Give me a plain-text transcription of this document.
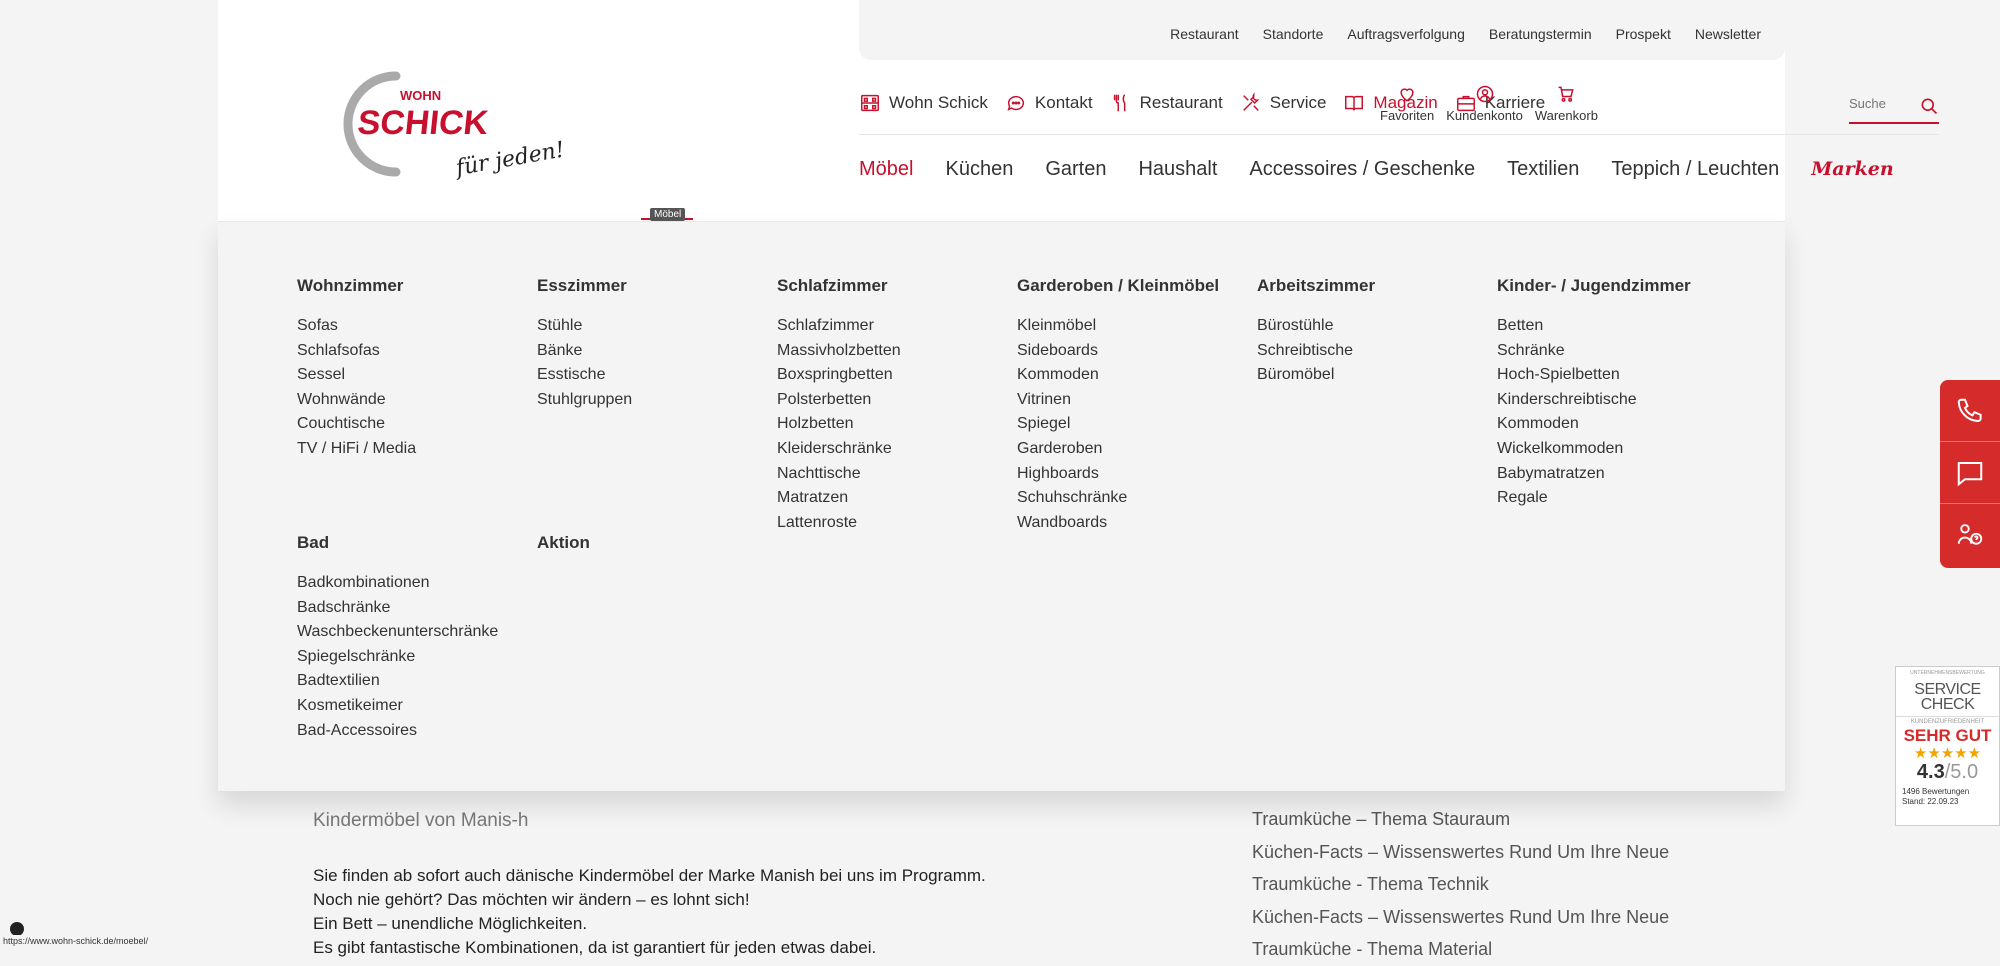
Restaurant Standorte Auftragsverfolgung Beratungstermin Prospekt Newsletter
WOHN
SCHICK
für jeden!
Wohn Schick	Kontakt	Restaurant	Service	Magazin	Karriere
Favoriten Kundenkonto Warenkorb
Suche
Möbel Küchen Garten Haushalt Accessoires / Geschenke Textilien Teppich / Leuchten Marken
Möbel
Kindermöbel von Manis-h

Sie finden ab sofort auch dänische Kindermöbel der Marke Manish bei uns im Programm.

Noch nie gehört? Das möchten wir ändern – es lohnt sich!

Ein Bett – unendliche Möglichkeiten.

Es gibt fantastische Kombinationen, da ist garantiert für jeden etwas dabei.

Traumküche – Thema Stauraum
Küchen-Facts – Wissenswertes Rund Um Ihre Neue
Traumküche - Thema Technik
Küchen-Facts – Wissenswertes Rund Um Ihre Neue
Traumküche - Thema Material
Wohnzimmer
Sofas
Schlafsofas
Sessel
Wohnwände
Couchtische
TV / HiFi / Media
Esszimmer
Stühle
Bänke
Esstische
Stuhlgruppen
Schlafzimmer
Schlafzimmer
Massivholzbetten
Boxspringbetten
Polsterbetten
Holzbetten
Kleiderschränke
Nachttische
Matratzen
Lattenroste
Garderoben / Kleinmöbel
Kleinmöbel
Sideboards
Kommoden
Vitrinen
Spiegel
Garderoben
Highboards
Schuhschränke
Wandboards
Arbeitszimmer
Bürostühle
Schreibtische
Büromöbel
Kinder- / Jugendzimmer
Betten
Schränke
Hoch-Spielbetten
Kinderschreibtische
Kommoden
Wickelkommoden
Babymatratzen
Regale
Bad
Badkombinationen
Badschränke
Waschbeckenunterschränke
Spiegelschränke
Badtextilien
Kosmetikeimer
Bad-Accessoires
Aktion
UNTERNEHMENSBEWERTUNG
SERVICE
CHECK
KUNDENZUFRIEDENHEIT
SEHR GUT
★★★★★
4.3/5.0
1496 Bewertungen
Stand: 22.09.23
https://www.wohn-schick.de/moebel/
